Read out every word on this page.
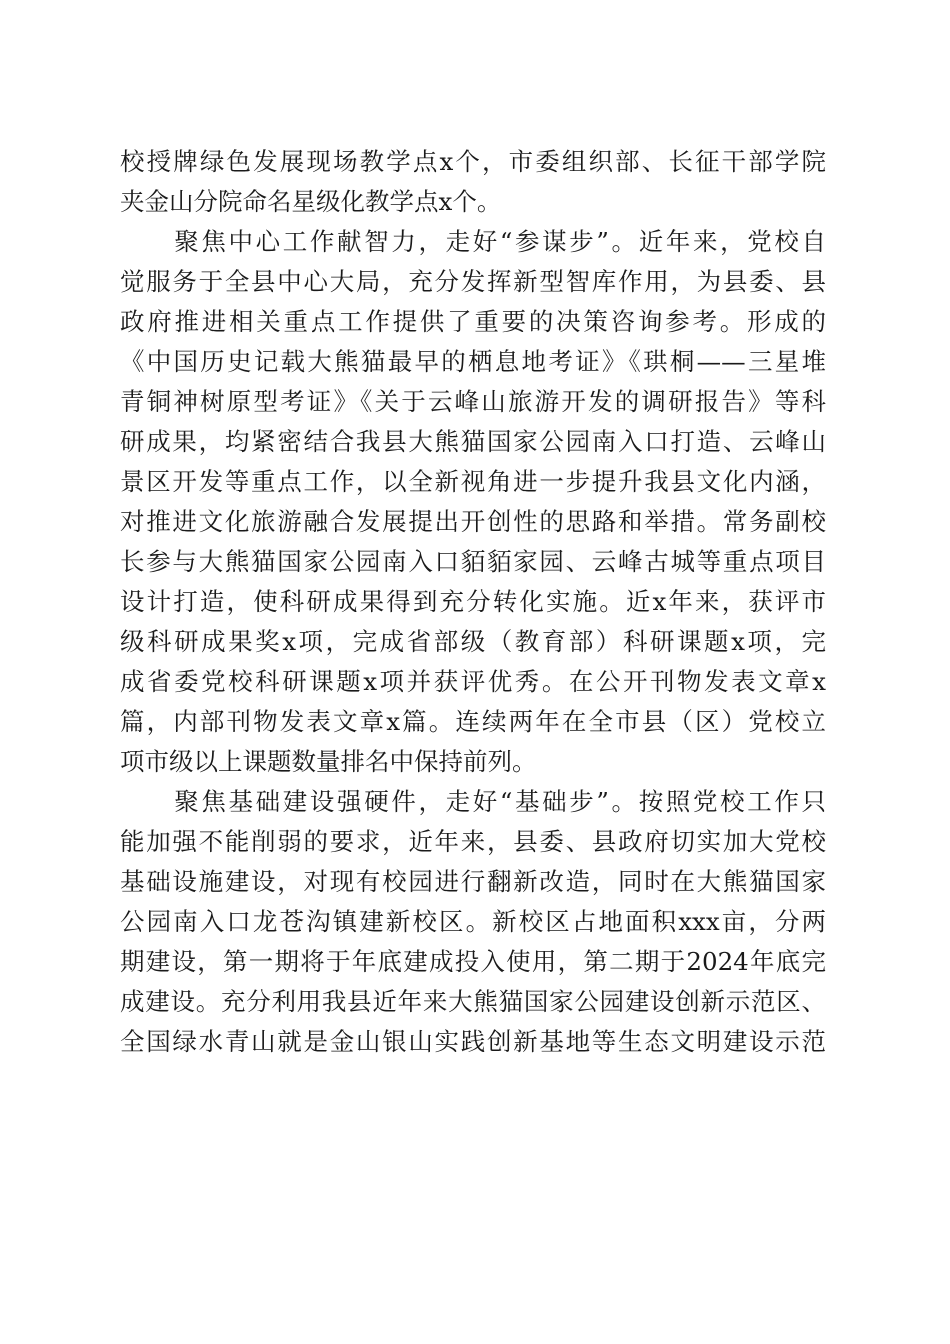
校授牌绿色发展现场教学点x个，市委组织部、长征干部学院
夹金山分院命名星级化教学点x个。
　　聚焦中心工作献智力，走好“参谋步”。近年来，党校自
觉服务于全县中心大局，充分发挥新型智库作用，为县委、县
政府推进相关重点工作提供了重要的决策咨询参考。形成的
《中国历史记载大熊猫最早的栖息地考证》《珙桐——三星堆
青铜神树原型考证》《关于云峰山旅游开发的调研报告》等科
研成果，均紧密结合我县大熊猫国家公园南入口打造、云峰山
景区开发等重点工作，以全新视角进一步提升我县文化内涵，
对推进文化旅游融合发展提出开创性的思路和举措。常务副校
长参与大熊猫国家公园南入口貊貊家园、云峰古城等重点项目
设计打造，使科研成果得到充分转化实施。近x年来，获评市
级科研成果奖x项，完成省部级（教育部）科研课题x项，完
成省委党校科研课题x项并获评优秀。在公开刊物发表文章x
篇，内部刊物发表文章x篇。连续两年在全市县（区）党校立
项市级以上课题数量排名中保持前列。
　　聚焦基础建设强硬件，走好“基础步”。按照党校工作只
能加强不能削弱的要求，近年来，县委、县政府切实加大党校
基础设施建设，对现有校园进行翻新改造，同时在大熊猫国家
公园南入口龙苍沟镇建新校区。新校区占地面积xxx亩，分两
期建设，第一期将于年底建成投入使用，第二期于2024年底完
成建设。充分利用我县近年来大熊猫国家公园建设创新示范区、
全国绿水青山就是金山银山实践创新基地等生态文明建设示范
